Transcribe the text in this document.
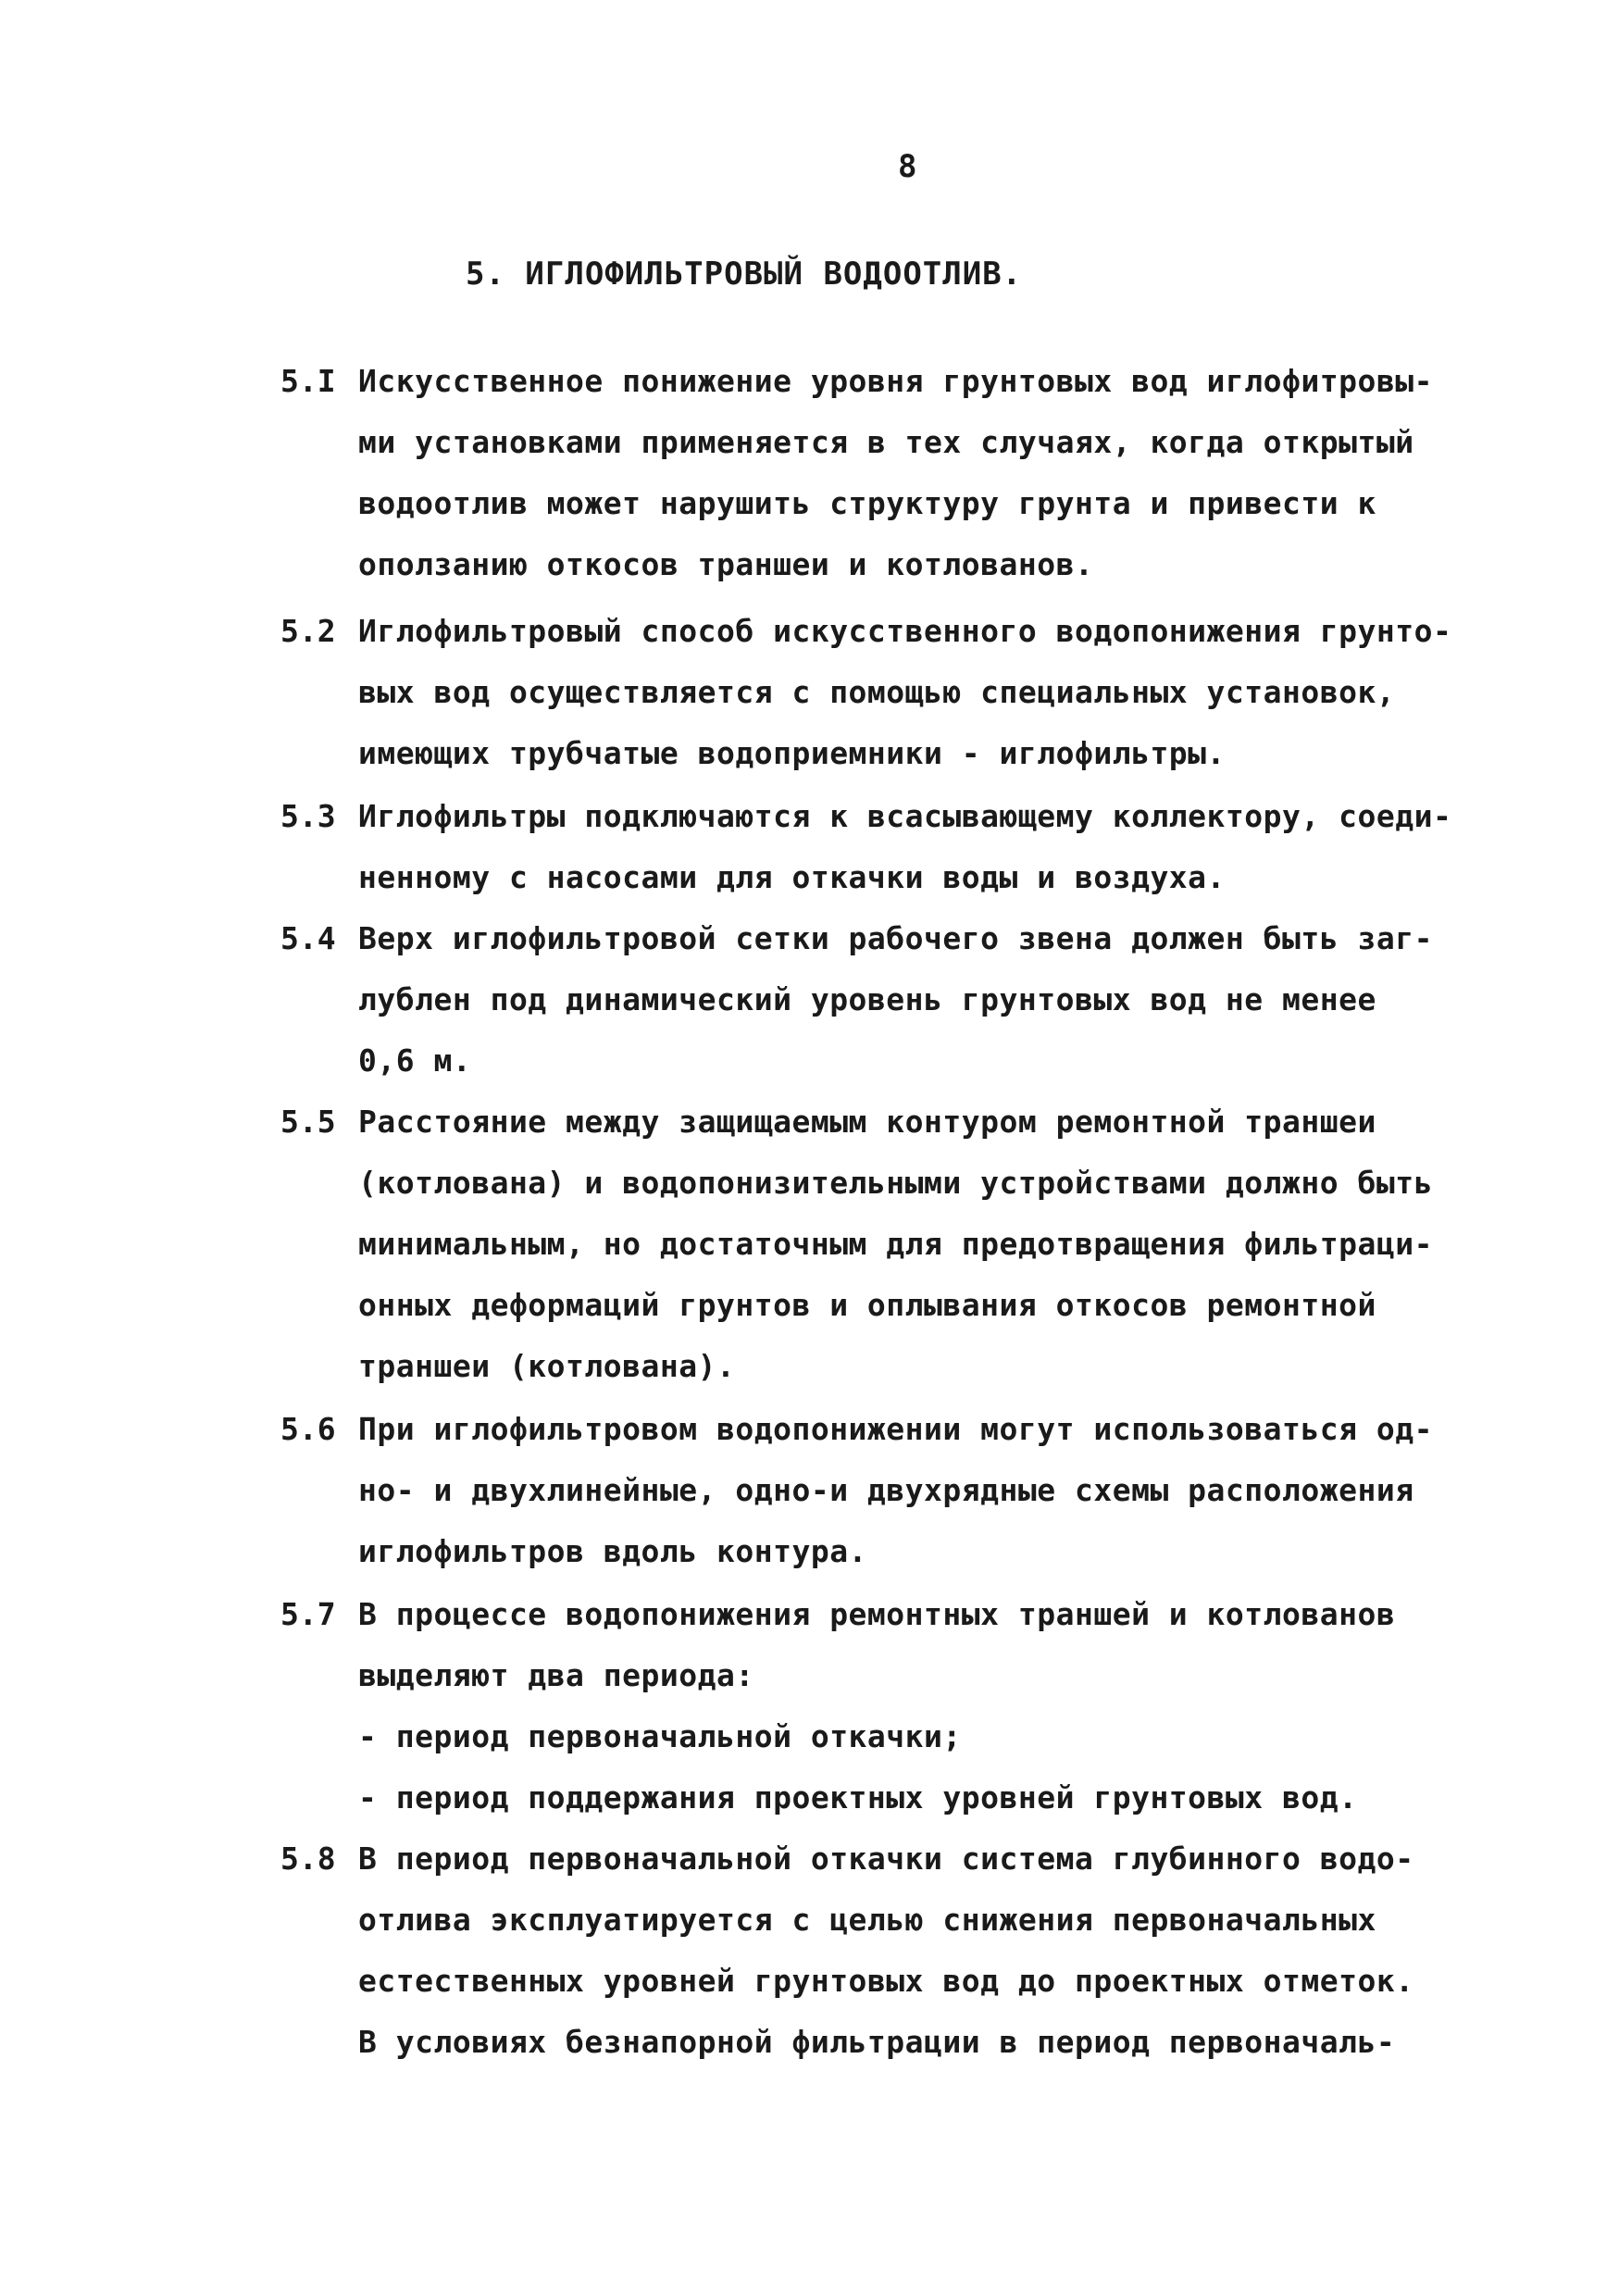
8
5. ИГЛОФИЛЬТРОВЫЙ ВОДООТЛИВ.
5.I Искусственное понижение уровня грунтовых вод иглофитровы-
ми установками применяется в тех случаях, когда открытый
водоотлив может нарушить структуру грунта и привести к
оползанию откосов траншеи и котлованов.
5.2 Иглофильтровый способ искусственного водопонижения грунто-
вых вод осуществляется с помощью специальных установок,
имеющих трубчатые водоприемники - иглофильтры.
5.3 Иглофильтры подключаются к всасывающему коллектору, соеди-
ненному с насосами для откачки воды и воздуха.
5.4 Верх иглофильтровой сетки рабочего звена должен быть заг-
лублен под динамический уровень грунтовых вод не менее
0,6 м.
5.5 Расстояние между защищаемым контуром ремонтной траншеи
(котлована) и водопонизительными устройствами должно быть
минимальным, но достаточным для предотвращения фильтраци-
онных деформаций грунтов и оплывания откосов ремонтной
траншеи (котлована).
5.6 При иглофильтровом водопонижении могут использоваться од-
но- и двухлинейные, одно-и двухрядные схемы расположения
иглофильтров вдоль контура.
5.7 В процессе водопонижения ремонтных траншей и котлованов
выделяют два периода:
- период первоначальной откачки;
- период поддержания проектных уровней грунтовых вод.
5.8 В период первоначальной откачки система глубинного водо-
отлива эксплуатируется с целью снижения первоначальных
естественных уровней грунтовых вод до проектных отметок.
В условиях безнапорной фильтрации в период первоначаль-
